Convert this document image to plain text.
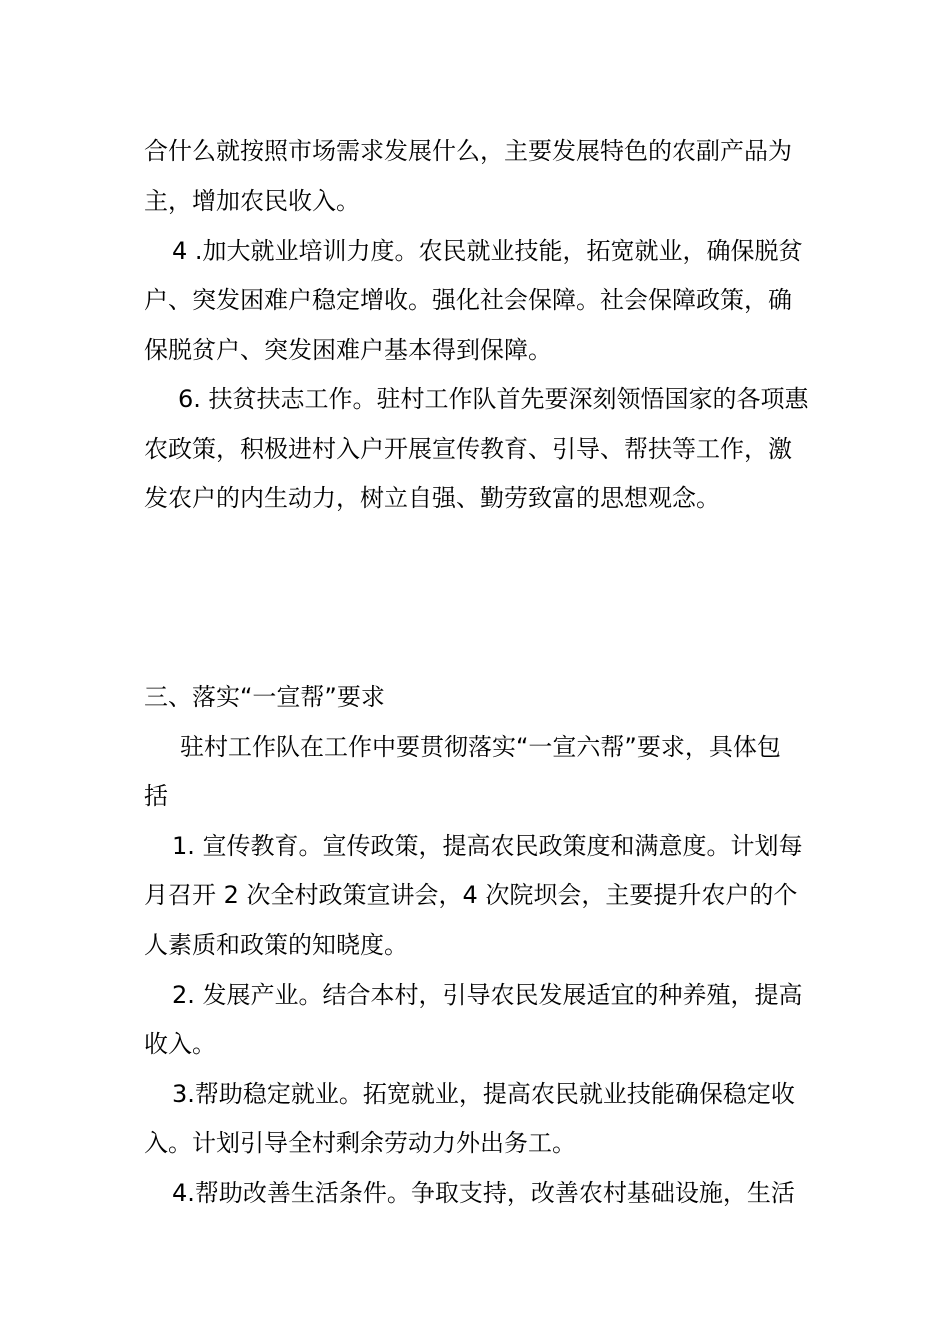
合什么就按照市场需求发展什么，主要发展特色的农副产品为
主，增加农民收入。
4 .加大就业培训力度。农民就业技能，拓宽就业，确保脱贫
户、突发困难户稳定增收。强化社会保障。社会保障政策，确
保脱贫户、突发困难户基本得到保障。
6. 扶贫扶志工作。驻村工作队首先要深刻领悟国家的各项惠
农政策，积极进村入户开展宣传教育、引导、帮扶等工作，激
发农户的内生动力，树立自强、勤劳致富的思想观念。
三、落实“一宣帮”要求
驻村工作队在工作中要贯彻落实“一宣六帮”要求，具体包
括
1. 宣传教育。宣传政策，提高农民政策度和满意度。计划每
月召开 2 次全村政策宣讲会，4 次院坝会，主要提升农户的个
人素质和政策的知晓度。
2. 发展产业。结合本村，引导农民发展适宜的种养殖，提高
收入。
3.帮助稳定就业。拓宽就业，提高农民就业技能确保稳定收
入。计划引导全村剩余劳动力外出务工。
4.帮助改善生活条件。争取支持，改善农村基础设施，生活
